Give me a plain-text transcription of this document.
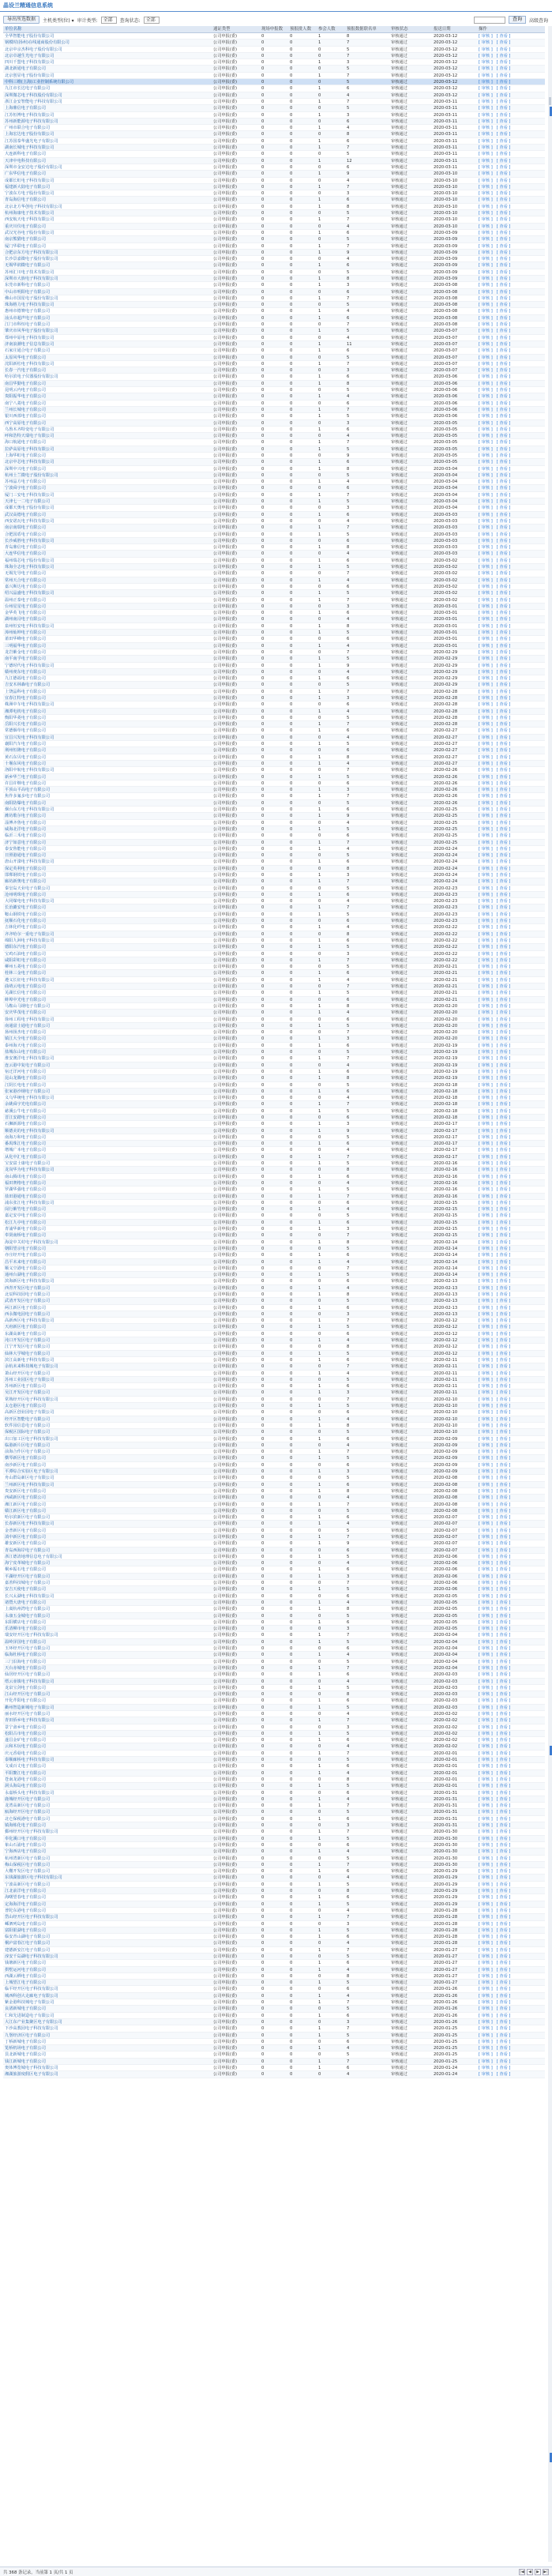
晶设兰精通信息系统
导出所选数据	主机类型(位) ▾ 审计类型:	全部	查询状态:	全部	查询	高级查询
单位名称	通证类型	现场申报数	预报批人数	参会人数	预报数据联名单	审核状态	报送日期	操作
全华智能电子股份有限公司	公司申报(委)	0	0	1	8	审核通过	2020-03-12	[ 审核 ] [ 查看 ]
钢模时(扬州)在线通商股份有限公司	公司申报(委)	0	0	1	7	审核通过	2020-03-12	[ 审核 ] [ 查看 ]
北京中京杰科电子股份有限公司	公司申报(委)	0	0	0	5	审核通过	2020-03-12	[ 审核 ] [ 查看 ]
北京卓越生光电子有限公司	公司申报(委)	0	0	0	7	审核通过	2020-03-12	[ 审核 ] [ 查看 ]
四川千盟电子科技有限公司	公司申报(委)	0	0	1	3	审核通过	2020-03-12	[ 审核 ] [ 查看 ]
湖北新通电子有限公司	公司申报(委)	0	0	0	5	审核通过	2020-03-12	[ 审核 ] [ 查看 ]
北京创显电子股份有限公司	公司申报(委)	0	0	1	7	审核通过	2020-03-12	[ 审核 ] [ 查看 ]
中科三维(上海)工业控制系统有限公司	公司申报(委)	0	0	0	5	审核通过	2020-03-12	[ 审核 ] [ 查看 ]
九江市长达电子有限公司	公司申报(委)	0	0	1	6	审核通过	2020-03-12	[ 审核 ] [ 查看 ]
深圳微芯电子科技股份有限公司	公司申报(委)	0	0	0	4	审核通过	2020-03-12	[ 审核 ] [ 查看 ]
浙江金安智能电子科技有限公司	公司申报(委)	0	0	1	7	审核通过	2020-03-11	[ 审核 ] [ 查看 ]
上海鼎信电子有限公司	公司申报(委)	0	0	0	5	审核通过	2020-03-11	[ 审核 ] [ 查看 ]
江苏恒博电子科技有限公司	公司申报(委)	0	0	1	3	审核通过	2020-03-11	[ 审核 ] [ 查看 ]
苏州新能源电子科技有限公司	公司申报(委)	0	0	0	6	审核通过	2020-03-11	[ 审核 ] [ 查看 ]
广州市联合电子有限公司	公司申报(委)	0	0	1	4	审核通过	2020-03-11	[ 审核 ] [ 查看 ]
上海宏达电子股份有限公司	公司申报(委)	0	0	0	8	审核通过	2020-03-11	[ 审核 ] [ 查看 ]
江苏国泰华盛光电子有限公司	公司申报(委)	0	0	1	6	审核通过	2020-03-11	[ 审核 ] [ 查看 ]
湖南长城电子科技有限公司	公司申报(委)	0	0	1	7	审核通过	2020-03-11	[ 审核 ] [ 查看 ]
大连新科电子有限公司	公司申报(委)	0	0	0	5	审核通过	2020-03-11	[ 审核 ] [ 查看 ]
天津中电科技有限公司	公司申报(委)	0	0	1	12	审核通过	2020-03-11	[ 审核 ] [ 查看 ]
深圳市金安达电子股份有限公司	公司申报(委)	0	0	0	6	审核通过	2020-03-11	[ 审核 ] [ 查看 ]
广东华信电子有限公司	公司申报(委)	0	0	1	9	审核通过	2020-03-10	[ 审核 ] [ 查看 ]
成都长虹电子科技有限公司	公司申报(委)	0	0	0	4	审核通过	2020-03-10	[ 审核 ] [ 查看 ]
福建新大陆电子有限公司	公司申报(委)	0	0	1	7	审核通过	2020-03-10	[ 审核 ] [ 查看 ]
宁波东方电子股份有限公司	公司申报(委)	0	0	0	3	审核通过	2020-03-10	[ 审核 ] [ 查看 ]
青岛海信电子有限公司	公司申报(委)	0	0	1	6	审核通过	2020-03-10	[ 审核 ] [ 查看 ]
北京北方华创电子科技有限公司	公司申报(委)	0	0	1	8	审核通过	2020-03-10	[ 审核 ] [ 查看 ]
杭州海康电子技术有限公司	公司申报(委)	0	0	0	5	审核通过	2020-03-10	[ 审核 ] [ 查看 ]
西安航天电子科技有限公司	公司申报(委)	0	0	1	7	审核通过	2020-03-10	[ 审核 ] [ 查看 ]
重庆川仪电子有限公司	公司申报(委)	0	0	0	4	审核通过	2020-03-10	[ 审核 ] [ 查看 ]
武汉光谷电子股份有限公司	公司申报(委)	0	0	1	6	审核通过	2020-03-09	[ 审核 ] [ 查看 ]
南京熊猫电子有限公司	公司申报(委)	0	0	0	5	审核通过	2020-03-09	[ 审核 ] [ 查看 ]
厦门华联电子有限公司	公司申报(委)	0	0	1	7	审核通过	2020-03-09	[ 审核 ] [ 查看 ]
合肥京东方电子科技有限公司	公司申报(委)	0	0	1	9	审核通过	2020-03-09	[ 审核 ] [ 查看 ]
长沙景嘉微电子股份有限公司	公司申报(委)	0	0	0	4	审核通过	2020-03-09	[ 审核 ] [ 查看 ]
无锡华润微电子有限公司	公司申报(委)	0	0	1	6	审核通过	2020-03-09	[ 审核 ] [ 查看 ]
苏州汇川电子技术有限公司	公司申报(委)	0	0	0	5	审核通过	2020-03-09	[ 审核 ] [ 查看 ]
深圳市大族电子科技有限公司	公司申报(委)	0	0	1	8	审核通过	2020-03-09	[ 审核 ] [ 查看 ]
东莞市新科电子有限公司	公司申报(委)	0	0	1	3	审核通过	2020-03-08	[ 审核 ] [ 查看 ]
中山市明阳电子有限公司	公司申报(委)	0	0	0	6	审核通过	2020-03-08	[ 审核 ] [ 查看 ]
佛山市国星电子股份有限公司	公司申报(委)	0	0	1	7	审核通过	2020-03-08	[ 审核 ] [ 查看 ]
珠海格力电子科技有限公司	公司申报(委)	0	0	0	5	审核通过	2020-03-08	[ 审核 ] [ 查看 ]
惠州市德赛电子有限公司	公司申报(委)	0	0	1	4	审核通过	2020-03-08	[ 审核 ] [ 查看 ]
汕头市超声电子有限公司	公司申报(委)	0	0	1	6	审核通过	2020-03-08	[ 审核 ] [ 查看 ]
江门市科恒电子有限公司	公司申报(委)	0	0	0	7	审核通过	2020-03-08	[ 审核 ] [ 查看 ]
肇庆市风华电子股份有限公司	公司申报(委)	0	0	1	5	审核通过	2020-03-07	[ 审核 ] [ 查看 ]
郑州中原电子科技有限公司	公司申报(委)	0	0	0	4	审核通过	2020-03-07	[ 审核 ] [ 查看 ]
济南浪潮电子信息有限公司	公司申报(委)	0	0	1	11	审核通过	2020-03-07	[ 审核 ] [ 查看 ]
石家庄通合电子有限公司	公司申报(委)	0	0	1	6	审核通过	2020-03-07	[ 审核 ] [ 查看 ]
太原风华电子有限公司	公司申报(委)	0	0	0	5	审核通过	2020-03-07	[ 审核 ] [ 查看 ]
沈阳新松电子科技有限公司	公司申报(委)	0	0	1	7	审核通过	2020-03-07	[ 审核 ] [ 查看 ]
长春一汽电子有限公司	公司申报(委)	0	0	0	3	审核通过	2020-03-07	[ 审核 ] [ 查看 ]
哈尔滨电子仪器股份有限公司	公司申报(委)	0	0	1	6	审核通过	2020-03-06	[ 审核 ] [ 查看 ]
南昌华勤电子有限公司	公司申报(委)	0	0	1	8	审核通过	2020-03-06	[ 审核 ] [ 查看 ]
昆明云内电子有限公司	公司申报(委)	0	0	0	5	审核通过	2020-03-06	[ 审核 ] [ 查看 ]
贵阳振华电子有限公司	公司申报(委)	0	0	1	4	审核通过	2020-03-06	[ 审核 ] [ 查看 ]
南宁八菱电子有限公司	公司申报(委)	0	0	0	6	审核通过	2020-03-06	[ 审核 ] [ 查看 ]
兰州长城电子有限公司	公司申报(委)	0	0	1	7	审核通过	2020-03-06	[ 审核 ] [ 查看 ]
银川西部电子有限公司	公司申报(委)	0	0	1	5	审核通过	2020-03-06	[ 审核 ] [ 查看 ]
西宁高原电子有限公司	公司申报(委)	0	0	0	3	审核通过	2020-03-05	[ 审核 ] [ 查看 ]
乌鲁木齐特变电子有限公司	公司申报(委)	0	0	1	6	审核通过	2020-03-05	[ 审核 ] [ 查看 ]
呼和浩特天瑞电子有限公司	公司申报(委)	0	0	0	4	审核通过	2020-03-05	[ 审核 ] [ 查看 ]
海口航通电子有限公司	公司申报(委)	0	0	1	7	审核通过	2020-03-05	[ 审核 ] [ 查看 ]
拉萨高原电子科技有限公司	公司申报(委)	0	0	1	5	审核通过	2020-03-05	[ 审核 ] [ 查看 ]
上海华虹电子有限公司	公司申报(委)	0	0	0	9	审核通过	2020-03-05	[ 审核 ] [ 查看 ]
北京中芯电子科技有限公司	公司申报(委)	0	0	1	6	审核通过	2020-03-05	[ 审核 ] [ 查看 ]
深圳中兴电子有限公司	公司申报(委)	0	0	1	8	审核通过	2020-03-04	[ 审核 ] [ 查看 ]
杭州士兰微电子股份有限公司	公司申报(委)	0	0	0	5	审核通过	2020-03-04	[ 审核 ] [ 查看 ]
苏州晶方电子有限公司	公司申报(委)	0	0	1	4	审核通过	2020-03-04	[ 审核 ] [ 查看 ]
宁波舜宇电子有限公司	公司申报(委)	0	0	0	6	审核通过	2020-03-04	[ 审核 ] [ 查看 ]
厦门三安电子科技有限公司	公司申报(委)	0	0	1	7	审核通过	2020-03-04	[ 审核 ] [ 查看 ]
天津七一二电子有限公司	公司申报(委)	0	0	1	5	审核通过	2020-03-04	[ 审核 ] [ 查看 ]
成都天奥电子股份有限公司	公司申报(委)	0	0	0	3	审核通过	2020-03-04	[ 审核 ] [ 查看 ]
武汉高德电子有限公司	公司申报(委)	0	0	1	6	审核通过	2020-03-03	[ 审核 ] [ 查看 ]
西安诺瓦电子科技有限公司	公司申报(委)	0	0	0	4	审核通过	2020-03-03	[ 审核 ] [ 查看 ]
南京南瑞电子有限公司	公司申报(委)	0	0	1	7	审核通过	2020-03-03	[ 审核 ] [ 查看 ]
合肥国盾电子有限公司	公司申报(委)	0	0	1	5	审核通过	2020-03-03	[ 审核 ] [ 查看 ]
长沙威胜电子科技有限公司	公司申报(委)	0	0	0	6	审核通过	2020-03-03	[ 审核 ] [ 查看 ]
青岛鼎信电子有限公司	公司申报(委)	0	0	1	8	审核通过	2020-03-03	[ 审核 ] [ 查看 ]
大连华信电子有限公司	公司申报(委)	0	0	0	4	审核通过	2020-03-03	[ 审核 ] [ 查看 ]
福州瑞芯电子股份有限公司	公司申报(委)	0	0	1	6	审核通过	2020-03-02	[ 审核 ] [ 查看 ]
珠海全志电子科技有限公司	公司申报(委)	0	0	1	5	审核通过	2020-03-02	[ 审核 ] [ 查看 ]
无锡先导电子有限公司	公司申报(委)	0	0	0	7	审核通过	2020-03-02	[ 审核 ] [ 查看 ]
常州天合电子有限公司	公司申报(委)	0	0	1	4	审核通过	2020-03-02	[ 审核 ] [ 查看 ]
嘉兴斯达电子有限公司	公司申报(委)	0	0	0	6	审核通过	2020-03-02	[ 审核 ] [ 查看 ]
绍兴晶盛电子科技有限公司	公司申报(委)	0	0	1	5	审核通过	2020-03-02	[ 审核 ] [ 查看 ]
温州正泰电子有限公司	公司申报(委)	0	0	1	7	审核通过	2020-03-02	[ 审核 ] [ 查看 ]
台州星星电子有限公司	公司申报(委)	0	0	0	3	审核通过	2020-03-01	[ 审核 ] [ 查看 ]
金华英飞电子有限公司	公司申报(委)	0	0	1	6	审核通过	2020-03-01	[ 审核 ] [ 查看 ]
湖州南浔电子有限公司	公司申报(委)	0	0	0	4	审核通过	2020-03-01	[ 审核 ] [ 查看 ]
泉州恒安电子科技有限公司	公司申报(委)	0	0	1	8	审核通过	2020-03-01	[ 审核 ] [ 查看 ]
漳州灿坤电子有限公司	公司申报(委)	0	0	1	5	审核通过	2020-03-01	[ 审核 ] [ 查看 ]
莆田华峰电子有限公司	公司申报(委)	0	0	0	6	审核通过	2020-03-01	[ 审核 ] [ 查看 ]
三明福华电子有限公司	公司申报(委)	0	0	1	4	审核通过	2020-03-01	[ 审核 ] [ 查看 ]
龙岩紫金电子有限公司	公司申报(委)	0	0	0	7	审核通过	2020-02-29	[ 审核 ] [ 查看 ]
南平南孚电子有限公司	公司申报(委)	0	0	1	5	审核通过	2020-02-29	[ 审核 ] [ 查看 ]
宁德时代电子科技有限公司	公司申报(委)	0	0	1	9	审核通过	2020-02-29	[ 审核 ] [ 查看 ]
赣州虔东电子有限公司	公司申报(委)	0	0	0	4	审核通过	2020-02-29	[ 审核 ] [ 查看 ]
九江德福电子有限公司	公司申报(委)	0	0	1	6	审核通过	2020-02-29	[ 审核 ] [ 查看 ]
吉安木林森电子有限公司	公司申报(委)	0	0	0	5	审核通过	2020-02-29	[ 审核 ] [ 查看 ]
上饶晶科电子有限公司	公司申报(委)	0	0	1	7	审核通过	2020-02-28	[ 审核 ] [ 查看 ]
宜春江特电子有限公司	公司申报(委)	0	0	1	3	审核通过	2020-02-28	[ 审核 ] [ 查看 ]
株洲中车电子科技有限公司	公司申报(委)	0	0	0	6	审核通过	2020-02-28	[ 审核 ] [ 查看 ]
湘潭电机电子有限公司	公司申报(委)	0	0	1	4	审核通过	2020-02-28	[ 审核 ] [ 查看 ]
衡阳华菱电子有限公司	公司申报(委)	0	0	0	5	审核通过	2020-02-28	[ 审核 ] [ 查看 ]
岳阳兴长电子有限公司	公司申报(委)	0	0	1	7	审核通过	2020-02-28	[ 审核 ] [ 查看 ]
常德烟草电子有限公司	公司申报(委)	0	0	1	6	审核通过	2020-02-27	[ 审核 ] [ 查看 ]
宜昌兴发电子科技有限公司	公司申报(委)	0	0	0	4	审核通过	2020-02-27	[ 审核 ] [ 查看 ]
襄阳汽车电子有限公司	公司申报(委)	0	0	1	5	审核通过	2020-02-27	[ 审核 ] [ 查看 ]
荆州恒隆电子有限公司	公司申报(委)	0	0	0	6	审核通过	2020-02-27	[ 审核 ] [ 查看 ]
黄石东贝电子有限公司	公司申报(委)	0	0	1	8	审核通过	2020-02-27	[ 审核 ] [ 查看 ]
十堰东风电子有限公司	公司申报(委)	0	0	1	4	审核通过	2020-02-27	[ 审核 ] [ 查看 ]
洛阳中航电子科技有限公司	公司申报(委)	0	0	0	7	审核通过	2020-02-26	[ 审核 ] [ 查看 ]
新乡华兰电子有限公司	公司申报(委)	0	0	1	5	审核通过	2020-02-26	[ 审核 ] [ 查看 ]
许昌许继电子有限公司	公司申报(委)	0	0	0	6	审核通过	2020-02-26	[ 审核 ] [ 查看 ]
平顶山平高电子有限公司	公司申报(委)	0	0	1	3	审核通过	2020-02-26	[ 审核 ] [ 查看 ]
焦作多氟多电子有限公司	公司申报(委)	0	0	1	7	审核通过	2020-02-26	[ 审核 ] [ 查看 ]
南阳防爆电子有限公司	公司申报(委)	0	0	0	5	审核通过	2020-02-26	[ 审核 ] [ 查看 ]
烟台东方电子科技有限公司	公司申报(委)	0	0	1	6	审核通过	2020-02-25	[ 审核 ] [ 查看 ]
潍坊歌尔电子有限公司	公司申报(委)	0	0	1	9	审核通过	2020-02-25	[ 审核 ] [ 查看 ]
淄博齐鲁电子有限公司	公司申报(委)	0	0	0	4	审核通过	2020-02-25	[ 审核 ] [ 查看 ]
威海北洋电子有限公司	公司申报(委)	0	0	1	5	审核通过	2020-02-25	[ 审核 ] [ 查看 ]
临沂三禾电子有限公司	公司申报(委)	0	0	0	6	审核通过	2020-02-25	[ 审核 ] [ 查看 ]
济宁如意电子有限公司	公司申报(委)	0	0	1	7	审核通过	2020-02-25	[ 审核 ] [ 查看 ]
泰安鲁能电子有限公司	公司申报(委)	0	0	1	4	审核通过	2020-02-24	[ 审核 ] [ 查看 ]
日照港通电子有限公司	公司申报(委)	0	0	0	5	审核通过	2020-02-24	[ 审核 ] [ 查看 ]
唐山开滦电子科技有限公司	公司申报(委)	0	0	1	6	审核通过	2020-02-24	[ 审核 ] [ 查看 ]
保定英利电子有限公司	公司申报(委)	0	0	0	8	审核通过	2020-02-24	[ 审核 ] [ 查看 ]
邯郸钢铁电子有限公司	公司申报(委)	0	0	1	3	审核通过	2020-02-24	[ 审核 ] [ 查看 ]
廊坊新奥电子有限公司	公司申报(委)	0	0	1	7	审核通过	2020-02-24	[ 审核 ] [ 查看 ]
秦皇岛天业电子有限公司	公司申报(委)	0	0	0	5	审核通过	2020-02-23	[ 审核 ] [ 查看 ]
沧州明珠电子有限公司	公司申报(委)	0	0	1	6	审核通过	2020-02-23	[ 审核 ] [ 查看 ]
大同煤电电子科技有限公司	公司申报(委)	0	0	0	4	审核通过	2020-02-23	[ 审核 ] [ 查看 ]
长治潞安电子有限公司	公司申报(委)	0	0	1	7	审核通过	2020-02-23	[ 审核 ] [ 查看 ]
鞍山钢铁电子有限公司	公司申报(委)	0	0	1	5	审核通过	2020-02-23	[ 审核 ] [ 查看 ]
抚顺石化电子有限公司	公司申报(委)	0	0	0	6	审核通过	2020-02-23	[ 审核 ] [ 查看 ]
吉林化纤电子有限公司	公司申报(委)	0	0	1	4	审核通过	2020-02-22	[ 审核 ] [ 查看 ]
齐齐哈尔一重电子有限公司	公司申报(委)	0	0	0	8	审核通过	2020-02-22	[ 审核 ] [ 查看 ]
绵阳九洲电子科技有限公司	公司申报(委)	0	0	1	6	审核通过	2020-02-22	[ 审核 ] [ 查看 ]
德阳东汽电子有限公司	公司申报(委)	0	0	1	5	审核通过	2020-02-22	[ 审核 ] [ 查看 ]
宝鸡石油电子有限公司	公司申报(委)	0	0	0	3	审核通过	2020-02-22	[ 审核 ] [ 查看 ]
咸阳彩虹电子有限公司	公司申报(委)	0	0	1	7	审核通过	2020-02-22	[ 审核 ] [ 查看 ]
柳州五菱电子有限公司	公司申报(委)	0	0	0	5	审核通过	2020-02-21	[ 审核 ] [ 查看 ]
桂林三金电子有限公司	公司申报(委)	0	0	1	6	审核通过	2020-02-21	[ 审核 ] [ 查看 ]
遵义长征电子科技有限公司	公司申报(委)	0	0	1	4	审核通过	2020-02-21	[ 审核 ] [ 查看 ]
曲靖云电电子有限公司	公司申报(委)	0	0	0	7	审核通过	2020-02-21	[ 审核 ] [ 查看 ]
芜湖长信电子有限公司	公司申报(委)	0	0	1	5	审核通过	2020-02-21	[ 审核 ] [ 查看 ]
蚌埠中光电子有限公司	公司申报(委)	0	0	0	6	审核通过	2020-02-21	[ 审核 ] [ 查看 ]
马鞍山马钢电子有限公司	公司申报(委)	0	0	1	8	审核通过	2020-02-20	[ 审核 ] [ 查看 ]
安庆华茂电子有限公司	公司申报(委)	0	0	1	4	审核通过	2020-02-20	[ 审核 ] [ 查看 ]
徐州工程电子科技有限公司	公司申报(委)	0	0	0	6	审核通过	2020-02-20	[ 审核 ] [ 查看 ]
南通富士通电子有限公司	公司申报(委)	0	0	1	5	审核通过	2020-02-20	[ 审核 ] [ 查看 ]
扬州扬杰电子有限公司	公司申报(委)	0	0	0	7	审核通过	2020-02-20	[ 审核 ] [ 查看 ]
镇江大全电子有限公司	公司申报(委)	0	0	1	3	审核通过	2020-02-20	[ 审核 ] [ 查看 ]
泰州海天电子有限公司	公司申报(委)	0	0	1	6	审核通过	2020-02-19	[ 审核 ] [ 查看 ]
盐城东山电子有限公司	公司申报(委)	0	0	0	5	审核通过	2020-02-19	[ 审核 ] [ 查看 ]
淮安澳洋电子科技有限公司	公司申报(委)	0	0	1	7	审核通过	2020-02-19	[ 审核 ] [ 查看 ]
连云港中复电子有限公司	公司申报(委)	0	0	0	4	审核通过	2020-02-19	[ 审核 ] [ 查看 ]
宿迁洋河电子有限公司	公司申报(委)	0	0	1	6	审核通过	2020-02-19	[ 审核 ] [ 查看 ]
昆山龙腾电子有限公司	公司申报(委)	0	0	1	8	审核通过	2020-02-19	[ 审核 ] [ 查看 ]
江阴长电电子有限公司	公司申报(委)	0	0	0	5	审核通过	2020-02-18	[ 审核 ] [ 查看 ]
张家港沙钢电子有限公司	公司申报(委)	0	0	1	6	审核通过	2020-02-18	[ 审核 ] [ 查看 ]
义乌华统电子科技有限公司	公司申报(委)	0	0	0	4	审核通过	2020-02-18	[ 审核 ] [ 查看 ]
余姚舜宇光电有限公司	公司申报(委)	0	0	1	7	审核通过	2020-02-18	[ 审核 ] [ 查看 ]
慈溪公牛电子有限公司	公司申报(委)	0	0	1	5	审核通过	2020-02-18	[ 审核 ] [ 查看 ]
晋江安踏电子有限公司	公司申报(委)	0	0	0	6	审核通过	2020-02-18	[ 审核 ] [ 查看 ]
石狮新源电子有限公司	公司申报(委)	0	0	1	3	审核通过	2020-02-17	[ 审核 ] [ 查看 ]
顺德美的电子科技有限公司	公司申报(委)	0	0	1	9	审核通过	2020-02-17	[ 审核 ] [ 查看 ]
南海万和电子有限公司	公司申报(委)	0	0	0	5	审核通过	2020-02-17	[ 审核 ] [ 查看 ]
番禺珠江电子有限公司	公司申报(委)	0	0	1	6	审核通过	2020-02-17	[ 审核 ] [ 查看 ]
增城广本电子有限公司	公司申报(委)	0	0	0	4	审核通过	2020-02-17	[ 审核 ] [ 查看 ]
从化中汇电子有限公司	公司申报(委)	0	0	1	7	审核通过	2020-02-17	[ 审核 ] [ 查看 ]
宝安富士康电子有限公司	公司申报(委)	0	0	1	5	审核通过	2020-02-16	[ 审核 ] [ 查看 ]
龙岗华为电子科技有限公司	公司申报(委)	0	0	0	8	审核通过	2020-02-16	[ 审核 ] [ 查看 ]
南山腾讯电子有限公司	公司申报(委)	0	0	1	6	审核通过	2020-02-16	[ 审核 ] [ 查看 ]
福田赛格电子有限公司	公司申报(委)	0	0	0	4	审核通过	2020-02-16	[ 审核 ] [ 查看 ]
罗湖华强电子有限公司	公司申报(委)	0	0	1	5	审核通过	2020-02-16	[ 审核 ] [ 查看 ]
盐田港通电子有限公司	公司申报(委)	0	0	1	7	审核通过	2020-02-16	[ 审核 ] [ 查看 ]
浦东张江电子科技有限公司	公司申报(委)	0	0	0	6	审核通过	2020-02-15	[ 审核 ] [ 查看 ]
闵行紫竹电子有限公司	公司申报(委)	0	0	1	4	审核通过	2020-02-15	[ 审核 ] [ 查看 ]
嘉定安亭电子有限公司	公司申报(委)	0	0	0	5	审核通过	2020-02-15	[ 审核 ] [ 查看 ]
松江九亭电子有限公司	公司申报(委)	0	0	1	6	审核通过	2020-02-15	[ 审核 ] [ 查看 ]
青浦华新电子有限公司	公司申报(委)	0	0	1	3	审核通过	2020-02-15	[ 审核 ] [ 查看 ]
奉贤南桥电子有限公司	公司申报(委)	0	0	0	7	审核通过	2020-02-15	[ 审核 ] [ 查看 ]
海淀中关村电子科技有限公司	公司申报(委)	0	0	1	8	审核通过	2020-02-14	[ 审核 ] [ 查看 ]
朝阳望京电子有限公司	公司申报(委)	0	0	0	5	审核通过	2020-02-14	[ 审核 ] [ 查看 ]
亦庄经开电子有限公司	公司申报(委)	0	0	1	6	审核通过	2020-02-14	[ 审核 ] [ 查看 ]
昌平未来电子有限公司	公司申报(委)	0	0	1	4	审核通过	2020-02-14	[ 审核 ] [ 查看 ]
顺义空港电子有限公司	公司申报(委)	0	0	0	7	审核通过	2020-02-14	[ 审核 ] [ 查看 ]
通州台湖电子有限公司	公司申报(委)	0	0	1	5	审核通过	2020-02-14	[ 审核 ] [ 查看 ]
滨海新区电子科技有限公司	公司申报(委)	0	0	0	6	审核通过	2020-02-13	[ 审核 ] [ 查看 ]
西青开发区电子有限公司	公司申报(委)	0	0	1	4	审核通过	2020-02-13	[ 审核 ] [ 查看 ]
北辰科技园电子有限公司	公司申报(委)	0	0	1	8	审核通过	2020-02-13	[ 审核 ] [ 查看 ]
武清开发区电子有限公司	公司申报(委)	0	0	0	5	审核通过	2020-02-13	[ 审核 ] [ 查看 ]
两江新区电子有限公司	公司申报(委)	0	0	1	6	审核通过	2020-02-13	[ 审核 ] [ 查看 ]
西永微电园电子有限公司	公司申报(委)	0	0	0	3	审核通过	2020-02-13	[ 审核 ] [ 查看 ]
高新西区电子科技有限公司	公司申报(委)	0	0	1	7	审核通过	2020-02-12	[ 审核 ] [ 查看 ]
天府新区电子有限公司	公司申报(委)	0	0	1	5	审核通过	2020-02-12	[ 审核 ] [ 查看 ]
东湖高新电子有限公司	公司申报(委)	0	0	0	6	审核通过	2020-02-12	[ 审核 ] [ 查看 ]
沌口开发区电子有限公司	公司申报(委)	0	0	1	4	审核通过	2020-02-12	[ 审核 ] [ 查看 ]
江宁开发区电子有限公司	公司申报(委)	0	0	0	8	审核通过	2020-02-12	[ 审核 ] [ 查看 ]
仙林大学城电子有限公司	公司申报(委)	0	0	1	5	审核通过	2020-02-12	[ 审核 ] [ 查看 ]
滨江高新电子科技有限公司	公司申报(委)	0	0	1	6	审核通过	2020-02-11	[ 审核 ] [ 查看 ]
余杭未来科技城电子有限公司	公司申报(委)	0	0	0	7	审核通过	2020-02-11	[ 审核 ] [ 查看 ]
萧山经开区电子有限公司	公司申报(委)	0	0	1	4	审核通过	2020-02-11	[ 审核 ] [ 查看 ]
苏州工业园区电子有限公司	公司申报(委)	0	0	0	5	审核通过	2020-02-11	[ 审核 ] [ 查看 ]
苏州新区电子有限公司	公司申报(委)	0	0	1	6	审核通过	2020-02-11	[ 审核 ] [ 查看 ]
吴江开发区电子有限公司	公司申报(委)	0	0	1	3	审核通过	2020-02-11	[ 审核 ] [ 查看 ]
常熟经开区电子科技有限公司	公司申报(委)	0	0	0	7	审核通过	2020-02-10	[ 审核 ] [ 查看 ]
太仓港区电子有限公司	公司申报(委)	0	0	1	5	审核通过	2020-02-10	[ 审核 ] [ 查看 ]
高新区创业园电子有限公司	公司申报(委)	0	0	0	6	审核通过	2020-02-10	[ 审核 ] [ 查看 ]
经开区智能电子有限公司	公司申报(委)	0	0	1	4	审核通过	2020-02-10	[ 审核 ] [ 查看 ]
软件园信息电子有限公司	公司申报(委)	0	0	1	8	审核通过	2020-02-10	[ 审核 ] [ 查看 ]
保税区国际电子有限公司	公司申报(委)	0	0	0	5	审核通过	2020-02-10	[ 审核 ] [ 查看 ]
出口加工区电子科技有限公司	公司申报(委)	0	0	1	6	审核通过	2020-02-09	[ 审核 ] [ 查看 ]
临港新片区电子有限公司	公司申报(委)	0	0	0	4	审核通过	2020-02-09	[ 审核 ] [ 查看 ]
前海合作区电子有限公司	公司申报(委)	0	0	1	7	审核通过	2020-02-09	[ 审核 ] [ 查看 ]
横琴新区电子有限公司	公司申报(委)	0	0	1	5	审核通过	2020-02-09	[ 审核 ] [ 查看 ]
南沙新区电子有限公司	公司申报(委)	0	0	0	6	审核通过	2020-02-09	[ 审核 ] [ 查看 ]
平潭综合实验区电子有限公司	公司申报(委)	0	0	1	3	审核通过	2020-02-09	[ 审核 ] [ 查看 ]
舟山群岛新区电子有限公司	公司申报(委)	0	0	0	5	审核通过	2020-02-08	[ 审核 ] [ 查看 ]
兰州新区电子科技有限公司	公司申报(委)	0	0	1	6	审核通过	2020-02-08	[ 审核 ] [ 查看 ]
贵安新区电子有限公司	公司申报(委)	0	0	1	8	审核通过	2020-02-08	[ 审核 ] [ 查看 ]
西咸新区电子有限公司	公司申报(委)	0	0	0	4	审核通过	2020-02-08	[ 审核 ] [ 查看 ]
湘江新区电子有限公司	公司申报(委)	0	0	1	7	审核通过	2020-02-08	[ 审核 ] [ 查看 ]
赣江新区电子有限公司	公司申报(委)	0	0	0	5	审核通过	2020-02-08	[ 审核 ] [ 查看 ]
哈尔滨新区电子有限公司	公司申报(委)	0	0	1	6	审核通过	2020-02-07	[ 审核 ] [ 查看 ]
长春新区电子科技有限公司	公司申报(委)	0	0	1	4	审核通过	2020-02-07	[ 审核 ] [ 查看 ]
金普新区电子有限公司	公司申报(委)	0	0	0	5	审核通过	2020-02-07	[ 审核 ] [ 查看 ]
滇中新区电子有限公司	公司申报(委)	0	0	1	7	审核通过	2020-02-07	[ 审核 ] [ 查看 ]
雄安新区电子有限公司	公司申报(委)	0	0	1	9	审核通过	2020-02-07	[ 审核 ] [ 查看 ]
青岛西海岸电子有限公司	公司申报(委)	0	0	0	6	审核通过	2020-02-07	[ 审核 ] [ 查看 ]
浙江德清地理信息电子有限公司	公司申报(委)	0	0	1	5	审核通过	2020-02-06	[ 审核 ] [ 查看 ]
海宁皮革城电子有限公司	公司申报(委)	0	0	0	4	审核通过	2020-02-06	[ 审核 ] [ 查看 ]
桐乡振石电子有限公司	公司申报(委)	0	0	1	6	审核通过	2020-02-06	[ 审核 ] [ 查看 ]
平湖经开区电子有限公司	公司申报(委)	0	0	1	3	审核通过	2020-02-06	[ 审核 ] [ 查看 ]
嘉善科技城电子有限公司	公司申报(委)	0	0	0	7	审核通过	2020-02-06	[ 审核 ] [ 查看 ]
安吉天使电子有限公司	公司申报(委)	0	0	1	5	审核通过	2020-02-06	[ 审核 ] [ 查看 ]
长兴太湖电子科技有限公司	公司申报(委)	0	0	0	6	审核通过	2020-02-05	[ 审核 ] [ 查看 ]
诸暨大唐电子有限公司	公司申报(委)	0	0	1	4	审核通过	2020-02-05	[ 审核 ] [ 查看 ]
上虞杭州湾电子有限公司	公司申报(委)	0	0	1	8	审核通过	2020-02-05	[ 审核 ] [ 查看 ]
永康五金城电子有限公司	公司申报(委)	0	0	0	5	审核通过	2020-02-05	[ 审核 ] [ 查看 ]
东阳横店电子有限公司	公司申报(委)	0	0	1	6	审核通过	2020-02-05	[ 审核 ] [ 查看 ]
乐清柳市电子有限公司	公司申报(委)	0	0	0	3	审核通过	2020-02-05	[ 审核 ] [ 查看 ]
瑞安经开区电子科技有限公司	公司申报(委)	0	0	1	7	审核通过	2020-02-04	[ 审核 ] [ 查看 ]
温岭泽国电子有限公司	公司申报(委)	0	0	1	5	审核通过	2020-02-04	[ 审核 ] [ 查看 ]
玉环经开区电子有限公司	公司申报(委)	0	0	0	6	审核通过	2020-02-04	[ 审核 ] [ 查看 ]
临海杜桥电子有限公司	公司申报(委)	0	0	1	4	审核通过	2020-02-04	[ 审核 ] [ 查看 ]
三门沿海电子有限公司	公司申报(委)	0	0	0	5	审核通过	2020-02-04	[ 审核 ] [ 查看 ]
天台赤城电子有限公司	公司申报(委)	0	0	1	7	审核通过	2020-02-04	[ 审核 ] [ 查看 ]
仙居经开区电子有限公司	公司申报(委)	0	0	1	6	审核通过	2020-02-03	[ 审核 ] [ 查看 ]
缙云壶镇电子科技有限公司	公司申报(委)	0	0	0	4	审核通过	2020-02-03	[ 审核 ] [ 查看 ]
龙泉宝剑电子有限公司	公司申报(委)	0	0	1	5	审核通过	2020-02-03	[ 审核 ] [ 查看 ]
江山经开区电子有限公司	公司申报(委)	0	0	0	8	审核通过	2020-02-03	[ 审核 ] [ 查看 ]
开化芹阳电子有限公司	公司申报(委)	0	0	1	6	审核通过	2020-02-03	[ 审核 ] [ 查看 ]
衢州智造新城电子有限公司	公司申报(委)	0	0	1	5	审核通过	2020-02-03	[ 审核 ] [ 查看 ]
丽水经开区电子有限公司	公司申报(委)	0	0	0	4	审核通过	2020-02-02	[ 审核 ] [ 查看 ]
青田侨乡电子科技有限公司	公司申报(委)	0	0	1	7	审核通过	2020-02-02	[ 审核 ] [ 查看 ]
景宁畲乡电子有限公司	公司申报(委)	0	0	0	3	审核通过	2020-02-02	[ 审核 ] [ 查看 ]
松阳古市电子有限公司	公司申报(委)	0	0	1	5	审核通过	2020-02-02	[ 审核 ] [ 查看 ]
遂昌金矿电子有限公司	公司申报(委)	0	0	1	6	审核通过	2020-02-02	[ 审核 ] [ 查看 ]
云和木玩电子有限公司	公司申报(委)	0	0	0	4	审核通过	2020-02-02	[ 审核 ] [ 查看 ]
庆元香菇电子有限公司	公司申报(委)	0	0	1	7	审核通过	2020-02-01	[ 审核 ] [ 查看 ]
泰顺廊桥电子科技有限公司	公司申报(委)	0	0	0	5	审核通过	2020-02-01	[ 审核 ] [ 查看 ]
文成百丈电子有限公司	公司申报(委)	0	0	1	6	审核通过	2020-02-01	[ 审核 ] [ 查看 ]
平阳鳌江电子有限公司	公司申报(委)	0	0	1	4	审核通过	2020-02-01	[ 审核 ] [ 查看 ]
苍南龙港电子有限公司	公司申报(委)	0	0	0	8	审核通过	2020-02-01	[ 审核 ] [ 查看 ]
洞头海岛电子有限公司	公司申报(委)	0	0	1	5	审核通过	2020-02-01	[ 审核 ] [ 查看 ]
永嘉桥头电子科技有限公司	公司申报(委)	0	0	0	6	审核通过	2020-01-31	[ 审核 ] [ 查看 ]
鹿城经开区电子有限公司	公司申报(委)	0	0	1	4	审核通过	2020-01-31	[ 审核 ] [ 查看 ]
龙湾高新区电子有限公司	公司申报(委)	0	0	1	7	审核通过	2020-01-31	[ 审核 ] [ 查看 ]
瓯海经开区电子有限公司	公司申报(委)	0	0	0	5	审核通过	2020-01-31	[ 审核 ] [ 查看 ]
北仑保税港电子有限公司	公司申报(委)	0	0	1	6	审核通过	2020-01-31	[ 审核 ] [ 查看 ]
镇海炼化电子有限公司	公司申报(委)	0	0	0	3	审核通过	2020-01-31	[ 审核 ] [ 查看 ]
鄞州经开区电子科技有限公司	公司申报(委)	0	0	1	7	审核通过	2020-01-30	[ 审核 ] [ 查看 ]
奉化溪口电子有限公司	公司申报(委)	0	0	1	5	审核通过	2020-01-30	[ 审核 ] [ 查看 ]
象山石浦电子有限公司	公司申报(委)	0	0	0	6	审核通过	2020-01-30	[ 审核 ] [ 查看 ]
宁海西店电子有限公司	公司申报(委)	0	0	1	4	审核通过	2020-01-30	[ 审核 ] [ 查看 ]
杭州湾新区电子有限公司	公司申报(委)	0	0	0	5	审核通过	2020-01-30	[ 审核 ] [ 查看 ]
梅山保税区电子有限公司	公司申报(委)	0	0	1	7	审核通过	2020-01-30	[ 审核 ] [ 查看 ]
大榭开发区电子有限公司	公司申报(委)	0	0	1	6	审核通过	2020-01-29	[ 审核 ] [ 查看 ]
东钱湖旅游区电子科技有限公司	公司申报(委)	0	0	0	4	审核通过	2020-01-29	[ 审核 ] [ 查看 ]
宁波高新区电子有限公司	公司申报(委)	0	0	1	5	审核通过	2020-01-29	[ 审核 ] [ 查看 ]
江北前洋电子有限公司	公司申报(委)	0	0	0	8	审核通过	2020-01-29	[ 审核 ] [ 查看 ]
海曙望春电子有限公司	公司申报(委)	0	0	1	6	审核通过	2020-01-29	[ 审核 ] [ 查看 ]
定海海洋电子有限公司	公司申报(委)	0	0	1	5	审核通过	2020-01-29	[ 审核 ] [ 查看 ]
普陀东港电子有限公司	公司申报(委)	0	0	0	4	审核通过	2020-01-28	[ 审核 ] [ 查看 ]
岱山经开区电子科技有限公司	公司申报(委)	0	0	1	7	审核通过	2020-01-28	[ 审核 ] [ 查看 ]
嵊泗列岛电子有限公司	公司申报(委)	0	0	0	3	审核通过	2020-01-28	[ 审核 ] [ 查看 ]
富阳银湖电子有限公司	公司申报(委)	0	0	1	5	审核通过	2020-01-28	[ 审核 ] [ 查看 ]
临安青山湖电子有限公司	公司申报(委)	0	0	1	6	审核通过	2020-01-28	[ 审核 ] [ 查看 ]
桐庐富春江电子有限公司	公司申报(委)	0	0	0	4	审核通过	2020-01-28	[ 审核 ] [ 查看 ]
建德新安江电子有限公司	公司申报(委)	0	0	1	7	审核通过	2020-01-27	[ 审核 ] [ 查看 ]
淳安千岛湖电子科技有限公司	公司申报(委)	0	0	0	5	审核通过	2020-01-27	[ 审核 ] [ 查看 ]
钱塘新区电子有限公司	公司申报(委)	0	0	1	6	审核通过	2020-01-27	[ 审核 ] [ 查看 ]
拱墅运河电子有限公司	公司申报(委)	0	0	1	4	审核通过	2020-01-27	[ 审核 ] [ 查看 ]
西湖云栖电子有限公司	公司申报(委)	0	0	0	8	审核通过	2020-01-27	[ 审核 ] [ 查看 ]
上城望江电子有限公司	公司申报(委)	0	0	1	5	审核通过	2020-01-27	[ 审核 ] [ 查看 ]
临平经开区电子科技有限公司	公司申报(委)	0	0	0	6	审核通过	2020-01-26	[ 审核 ] [ 查看 ]
城西科创大走廊电子有限公司	公司申报(委)	0	0	1	4	审核通过	2020-01-26	[ 审核 ] [ 查看 ]
紫金港科技城电子有限公司	公司申报(委)	0	0	1	7	审核通过	2020-01-26	[ 审核 ] [ 查看 ]
良渚新城电子有限公司	公司申报(委)	0	0	0	5	审核通过	2020-01-26	[ 审核 ] [ 查看 ]
仁和先进制造电子有限公司	公司申报(委)	0	0	1	6	审核通过	2020-01-26	[ 审核 ] [ 查看 ]
大江东产业集聚区电子有限公司	公司申报(委)	0	0	0	3	审核通过	2020-01-26	[ 审核 ] [ 查看 ]
下沙高教园电子科技有限公司	公司申报(委)	0	0	1	7	审核通过	2020-01-25	[ 审核 ] [ 查看 ]
九堡经济区电子有限公司	公司申报(委)	0	0	1	5	审核通过	2020-01-25	[ 审核 ] [ 查看 ]
丁桥新城电子有限公司	公司申报(委)	0	0	0	6	审核通过	2020-01-25	[ 审核 ] [ 查看 ]
笕桥机场电子有限公司	公司申报(委)	0	0	1	4	审核通过	2020-01-25	[ 审核 ] [ 查看 ]
艮北新城电子有限公司	公司申报(委)	0	0	0	5	审核通过	2020-01-25	[ 审核 ] [ 查看 ]
钱江新城电子有限公司	公司申报(委)	0	0	1	7	审核通过	2020-01-25	[ 审核 ] [ 查看 ]
奥体博览城电子科技有限公司	公司申报(委)	0	0	1	6	审核通过	2020-01-24	[ 审核 ] [ 查看 ]
湘湖旅游度假区电子有限公司	公司申报(委)	0	0	0	4	审核通过	2020-01-24	[ 审核 ] [ 查看 ]
共 368 条记录，当前第 1 页/共 1 页	|◀	◀	▶	▶|
